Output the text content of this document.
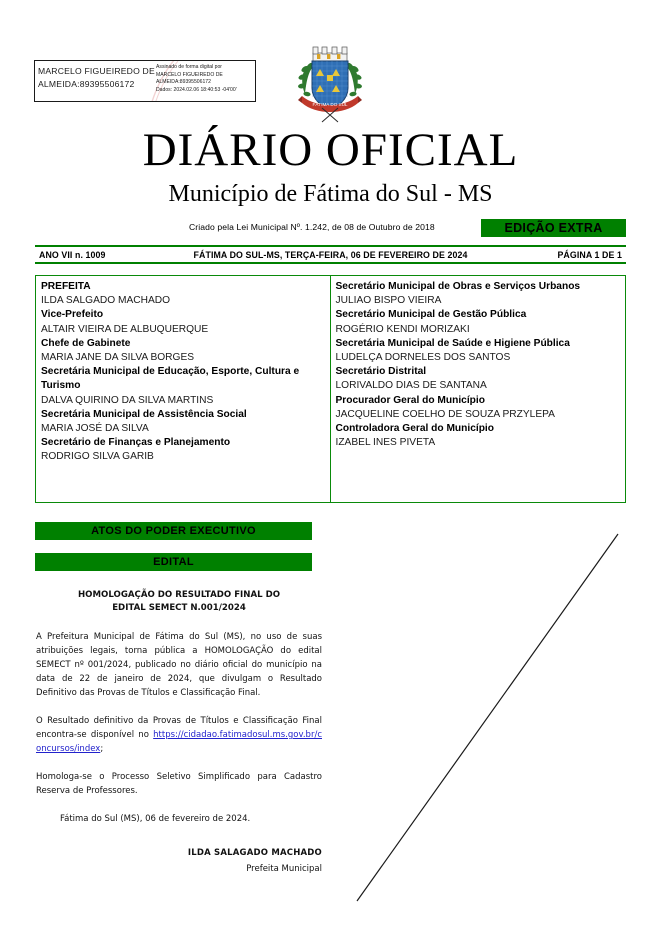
MARCELO FIGUEIREDO DE
ALMEIDA:89395506172
Assinado de forma digital por
MARCELO FIGUEIREDO DE
ALMEIDA:89395506172
Dados: 2024.02.06 18:40:53 -04'00'
FÁTIMA DO SUL
DIÁRIO OFICIAL
Município de Fátima do Sul - MS
Criado pela Lei Municipal Nº. 1.242, de 08 de Outubro de 2018	EDIÇÃO EXTRA
ANO VII n. 1009	FÁTIMA DO SUL-MS, TERÇA-FEIRA, 06 DE FEVEREIRO DE 2024	PÁGINA 1 DE 1
PREFEITA
ILDA SALGADO MACHADO
Vice-Prefeito
ALTAIR VIEIRA DE ALBUQUERQUE
Chefe de Gabinete
MARIA JANE DA SILVA BORGES
Secretária Municipal de Educação, Esporte, Cultura e Turismo
DALVA QUIRINO DA SILVA MARTINS
Secretária Municipal de Assistência Social
MARIA JOSÉ DA SILVA
Secretário de Finanças e Planejamento
RODRIGO SILVA GARIB
Secretário Municipal de Obras e Serviços Urbanos
JULIAO BISPO VIEIRA
Secretário Municipal de Gestão Pública
ROGÉRIO KENDI MORIZAKI
Secretária Municipal de Saúde e Higiene Pública
LUDELÇA DORNELES DOS SANTOS
Secretário Distrital
LORIVALDO DIAS DE SANTANA
Procurador Geral do Município
JACQUELINE COELHO DE SOUZA PRZYLEPA
Controladora Geral do Município
IZABEL INES PIVETA
ATOS DO PODER EXECUTIVO
EDITAL
HOMOLOGAÇÃO DO RESULTADO FINAL DO
EDITAL SEMECT N.001/2024

A Prefeitura Municipal de Fátima do Sul (MS), no uso de suas atribuições legais, torna pública a HOMOLOGAÇÃO do edital SEMECT nº 001/2024, publicado no diário oficial do município na data de 22 de janeiro de 2024, que divulgam o Resultado Definitivo das Provas de Títulos e Classificação Final.

O Resultado definitivo da Provas de Títulos e Classificação Final encontra-se disponível no https://cidadao.fatimadosul.ms.gov.br/concursos/index;

Homologa-se o Processo Seletivo Simplificado para Cadastro Reserva de Professores.

Fátima do Sul (MS), 06 de fevereiro de 2024.

ILDA SALAGADO MACHADO

Prefeita Municipal
